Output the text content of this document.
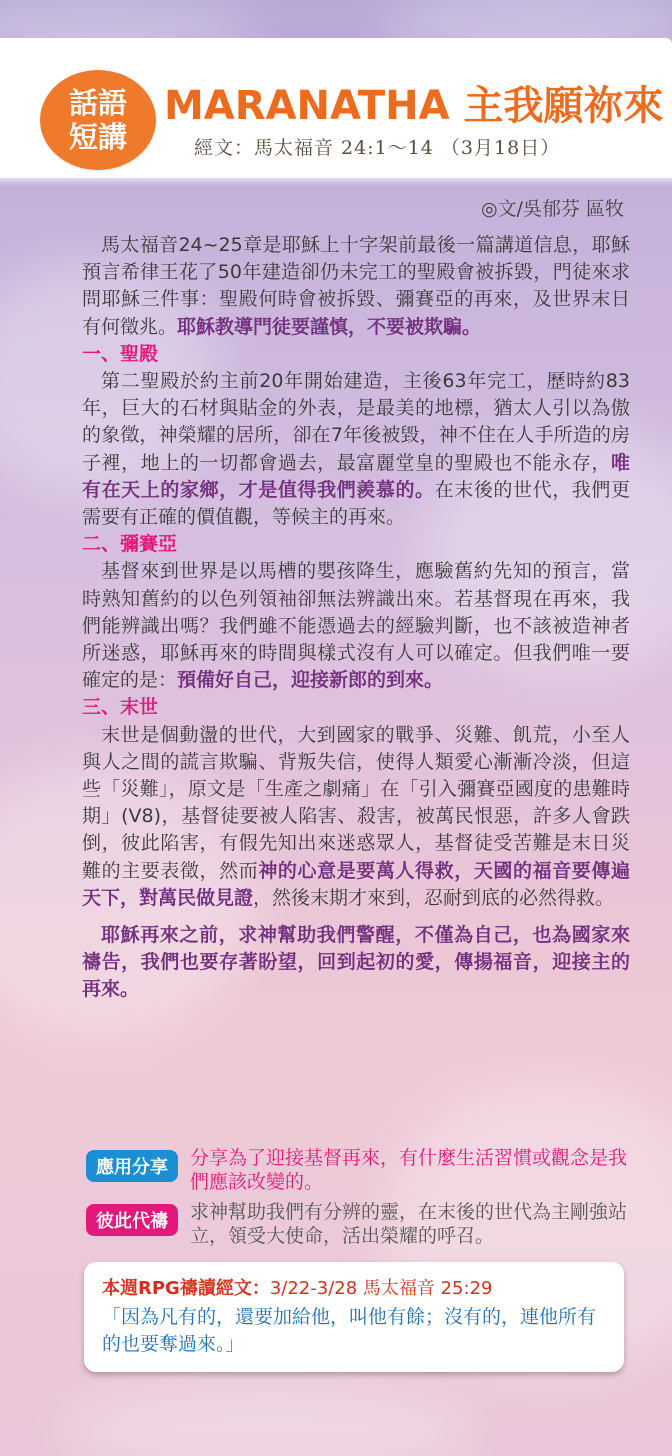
話語
短講
MARANATHA 主我願祢來
經文：馬太福音 24:1～14 （3月18日）
◎文/吳郁芬 區牧

馬太福音24~25章是耶穌上十字架前最後一篇講道信息，耶穌預言希律王花了50年建造卻仍未完工的聖殿會被拆毀，門徒來求問耶穌三件事：聖殿何時會被拆毀、彌賽亞的再來，及世界末日有何徵兆。耶穌教導門徒要謹慎，不要被欺騙。

一、聖殿

第二聖殿於約主前20年開始建造，主後63年完工，歷時約83年，巨大的石材與貼金的外表，是最美的地標，猶太人引以為傲的象徵，神榮耀的居所，卻在7年後被毀，神不住在人手所造的房子裡，地上的一切都會過去，最富麗堂皇的聖殿也不能永存，唯有在天上的家鄉，才是值得我們羨慕的。在末後的世代，我們更需要有正確的價值觀，等候主的再來。

二、彌賽亞

基督來到世界是以馬槽的嬰孩降生，應驗舊約先知的預言，當時熟知舊約的以色列領袖卻無法辨識出來。若基督現在再來，我們能辨識出嗎？我們雖不能憑過去的經驗判斷，也不該被造神者所迷惑，耶穌再來的時間與樣式沒有人可以確定。但我們唯一要確定的是：預備好自己，迎接新郎的到來。

三、末世

末世是個動盪的世代，大到國家的戰爭、災難、飢荒，小至人與人之間的謊言欺騙、背叛失信，使得人類愛心漸漸冷淡，但這些「災難」，原文是「生產之劇痛」在「引入彌賽亞國度的患難時期」(V8)，基督徒要被人陷害、殺害，被萬民恨惡，許多人會跌倒，彼此陷害，有假先知出來迷惑眾人，基督徒受苦難是末日災難的主要表徵，然而神的心意是要萬人得救，天國的福音要傳遍天下，對萬民做見證，然後末期才來到，忍耐到底的必然得救。

耶穌再來之前，求神幫助我們警醒，不僅為自己，也為國家來禱告，我們也要存著盼望，回到起初的愛，傳揚福音，迎接主的再來。

應用分享	分享為了迎接基督再來，有什麼生活習慣或觀念是我們應該改變的。
彼此代禱	求神幫助我們有分辨的靈，在末後的世代為主剛強站立，領受大使命，活出榮耀的呼召。
本週RPG禱讀經文：3/22-3/28 馬太福音 25:29
「因為凡有的，還要加給他，叫他有餘；沒有的，連他所有的也要奪過來。」
